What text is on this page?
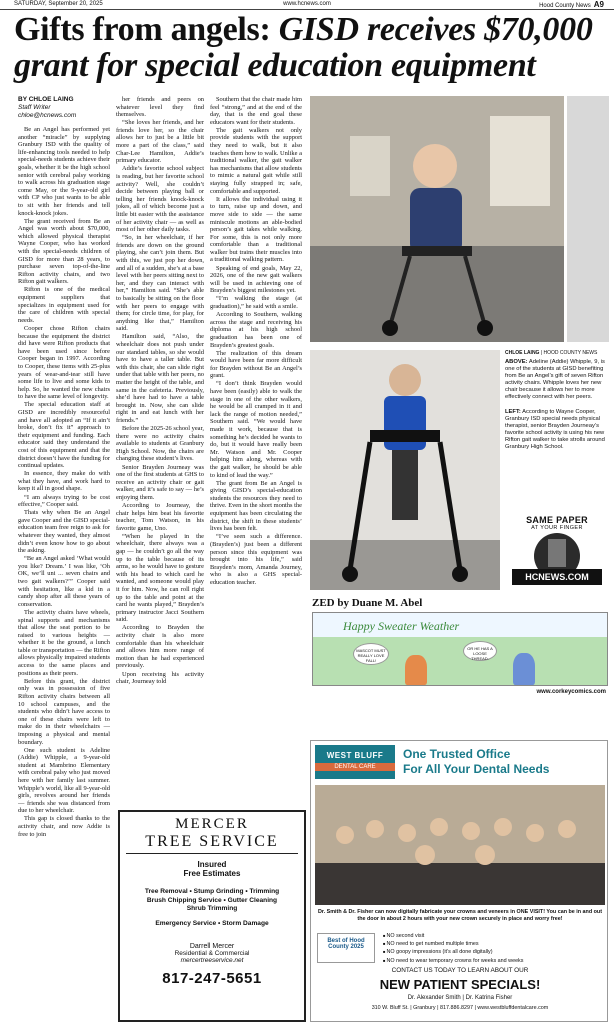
SATURDAY, September 20, 2025	www.hcnews.com	Hood County News A9
Gifts from angels: GISD receives $70,000 grant for special education equipment
BY CHLOE LAING
Staff Writer
chloe@hcnews.com

Be an Angel has performed yet another “miracle” by supplying Granbury ISD with the quality of life-enhancing tools needed to help special-needs students achieve their goals, whether it be the high school senior with cerebral palsy working to walk across his graduation stage come May, or the 9-year-old girl with CP who just wants to be able to sit with her friends and tell knock-knock jokes.

The grant received from Be an Angel was worth about $70,000, which allowed physical therapist Wayne Cooper, who has worked with the special-needs children of GISD for more than 28 years, to purchase seven top-of-the-line Rifton activity chairs, and two Rifton gait walkers.

Rifton is one of the medical equipment suppliers that specializes in equipment used for the care of children with special needs.

Cooper chose Rifton chairs because the equipment the district did have were Rifton products that have been used since before Cooper began in 1997. According to Cooper, these items with 25-plus years of wear-and-tear still have some life to live and some kids to help. So, he wanted the new chairs to have the same level of longevity.

The special education staff at GISD are incredibly resourceful and have all adopted an “If it ain’t broke, don’t fix it” approach to their equipment and funding. Each educator said they understand the cost of this equipment and that the district doesn’t have the funding for continual updates.

In essence, they make do with what they have, and work hard to keep it all in good shape.

“I am always trying to be cost effective,” Cooper said.

Thats why when Be an Angel gave Cooper and the GISD special-education team free reign to ask for whatever they wanted, they almost didn’t even know how to go about the asking.

“Be an Angel asked ‘What would you like? Dream.’ I was like, ‘Oh OK, we’ll uni ... seven chairs and two gait walkers?’” Cooper said with hesitation, like a kid in a candy shop after all these years of conservation.

The activity chairs have wheels, spinal supports and mechanisms that allow the seat portion to be raised to various heights — whether it be the ground, a lunch table or transportation — the Rifton allows physically impaired students access to the same places and positions as their peers.

Before this grant, the district only was in possession of five Rifton activity chairs between all 10 school campuses, and the students who didn’t have access to one of these chairs were left to make do in their wheelchairs — imposing a physical and mental boundary.

One such student is Adeline (Addie) Whipple, a 9-year-old student at Mambrino Elementary with cerebral palsy who just moved here with her family last summer. Whipple’s world, like all 9-year-old girls, revolves around her friends — friends she was distanced from due to her wheelchair.

This gap is closed thanks to the activity chair, and now Addie is free to join

her friends and peers on whatever level they find themselves.

“She loves her friends, and her friends love her, so the chair allows her to just be a little bit more a part of the class,” said Char-Lee Hamilton, Addie’s primary educator.

Addie’s favorite school subject is reading, but her favorite school activity? Well, she couldn’t decide between playing ball or telling her friends knock-knock jokes, all of which become just a little bit easier with the assistance of her activity chair — as well as most of her other daily tasks.

“So, in her wheelchair, if her friends are down on the ground playing, she can’t join them. But with this, we just pop her down, and all of a sudden, she’s at a base level with her peers sitting next to her, and they can interact with her,” Hamilton said. “She’s able to basically be sitting on the floor with her peers to engage with them; for circle time, for play, for anything like that,” Hamilton said.

Hamilton said, “Also, the wheelchair does not push under our standard tables, so she would have to have a taller table. But with this chair, she can slide right under that table with her peers, no matter the height of the table, and same in the cafeteria. Previously, she’d have had to have a table brought in. Now, she can slide right in and eat lunch with her friends.”

Before the 2025-26 school year, there were no activity chairs available to students at Granbury High School. Now, the chairs are changing these student’s lives.

Senior Brayden Journeay was one of the first students at GHS to receive an activity chair or gait walker, and it’s safe to say — he’s enjoying them.

According to Journeay, the chair helps him beat his favorite teacher, Tom Watson, in his favorite game, Uno.

“When he played in the wheelchair, there always was a gap — he couldn’t go all the way up to the table because of its arms, so he would have to gesture with his head to which card he wanted, and someone would play it for him. Now, he can roll right up to the table and point at the card he wants played,” Brayden’s primary instructor Jacci Southern said.

According to Brayden the activity chair is also more comfortable than his wheelchair and allows him more range of motion than he had experienced previously.

Upon receiving his activity chair, Journeay told

Southern that the chair made him feel “strong,” and at the end of the day, that is the end goal these educators want for their students.

The gait walkers not only provide students with the support they need to walk, but it also teaches them how to walk. Unlike a traditional walker, the gait walker has mechanisms that allow students to mimic a natural gait while still staying fully strapped in; safe, comfortable and supported.

It allows the individual using it to turn, raise up and down, and move side to side — the same miniscule motions an able-bodied person’s gait takes while walking. For some, this is not only more comfortable than a traditional walker but trains their muscles into a traditional walking pattern.

Speaking of end goals, May 22, 2026, one of the new gait walkers will be used in achieving one of Brayden’s biggest milestones yet.

“I’m walking the stage (at graduation),” he said with a smile.

According to Southern, walking across the stage and receiving his diploma at his high school graduation has been one of Brayden’s greatest goals.

The realization of this dream would have been far more difficult for Brayden without Be an Angel’s grant.

“I don’t think Brayden would have been (easily) able to walk the stage in one of the other walkers, he would be all cramped in it and lack the range of motion needed,” Southern said. “We would have made it work, because that is something he’s decided he wants to do, but it would have really been Mr. Watson and Mr. Cooper helping him along, whereas with the gait walker, he should be able to kind of lead the way.”

The grant from Be an Angel is giving GISD’s special-education students the resources they need to thrive. Even in the short months the equipment has been circulating the district, the shift in these students’ lives has been felt.

“I’ve seen such a difference. (Brayden’s) just been a different person since this equipment was brought into his life,” said Brayden’s mom, Amanda Journey, who is also a GHS special-education teacher.

CHLOE LAING | HOOD COUNTY NEWS
ABOVE: Adeline (Addie) Whipple, 9, is one of the students at GISD benefiting from Be an Angel’s gift of seven Rifton activity chairs. Whipple loves her new chair because it allows her to more effectively connect with her peers.
LEFT: According to Wayne Cooper, Granbury ISD special needs physical therapist, senior Brayden Journeay’s favorite school activity is using his new Rifton gait walker to take strolls around Granbury High School.
SAME PAPER
AT YOUR FINGER
HCNEWS.COM
ZED by Duane M. Abel
Happy Sweater Weather
MASCOT MUST REALLY LOVE FALL!
OR HE HAS A LOOSE THREAD.
www.corkeycomics.com
MERCER
TREE SERVICE
Insured
Free Estimates
Tree Removal • Stump Grinding • Trimming
Brush Chipping Service • Gutter Cleaning
Shrub Trimming
Emergency Service • Storm Damage
Darrell Mercer
Residential & Commercial
mercertreeservice.net
817-247-5651
WEST BLUFF
DENTAL CARE
One Trusted Office
For All Your Dental Needs
Dr. Smith & Dr. Fisher can now digitally fabricate your crowns and veneers in ONE VISIT! You can be in and out the door in about 2 hours with your new crown securely in place and worry free!
Best of Hood County 2025
■ NO second visit
■ NO need to get numbed multiple times
■ NO goopy impressions (it’s all done digitally)
■ NO need to wear temporary crowns for weeks and weeks
CONTACT US TODAY TO LEARN ABOUT OUR
NEW PATIENT SPECIALS!
Dr. Alexander Smith | Dr. Katrina Fisher
310 W. Bluff St. | Granbury | 817.886.8297 | www.westbluffdentalcare.com
